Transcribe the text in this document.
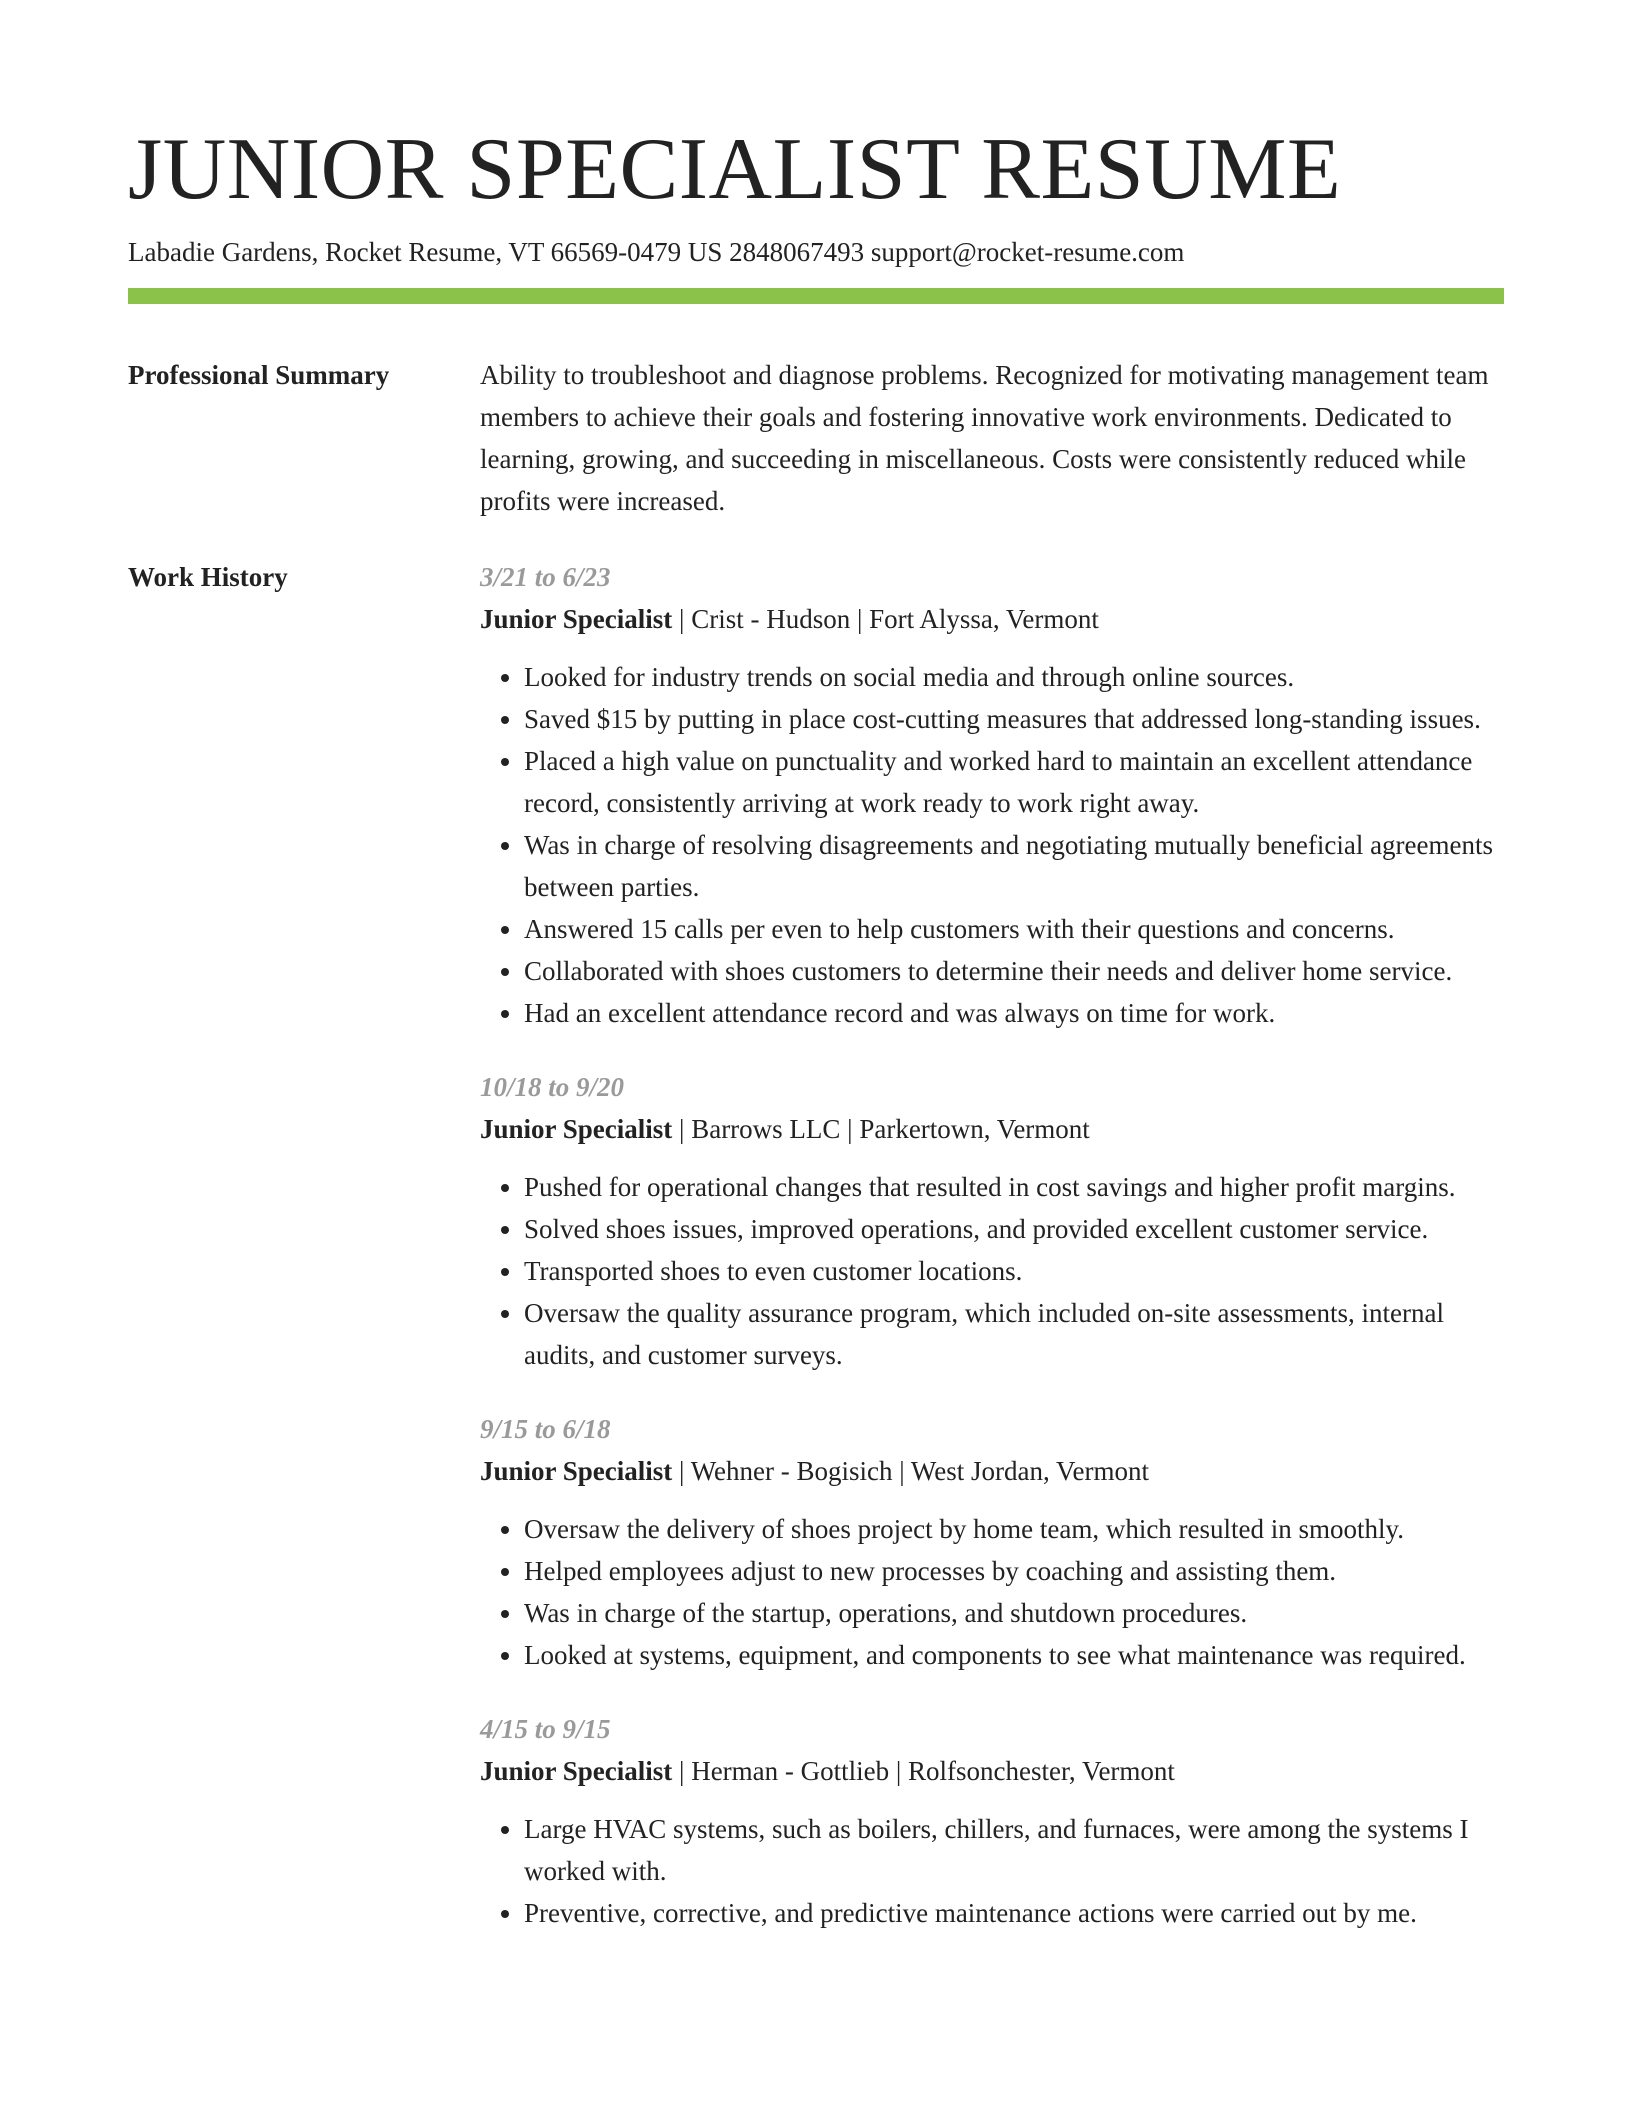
JUNIOR SPECIALIST RESUME
Labadie Gardens, Rocket Resume, VT 66569-0479 US 2848067493 support@rocket-resume.com
Professional Summary	Ability to troubleshoot and diagnose problems. Recognized for motivating management team members to achieve their goals and fostering innovative work environments. Dedicated to learning, growing, and succeeding in miscellaneous. Costs were consistently reduced while profits were increased.

Work History	3/21 to 6/23
Junior Specialist | Crist - Hudson | Fort Alyssa, Vermont
• Looked for industry trends on social media and through online sources.
• Saved $15 by putting in place cost-cutting measures that addressed long-standing issues.
• Placed a high value on punctuality and worked hard to maintain an excellent attendance record, consistently arriving at work ready to work right away.
• Was in charge of resolving disagreements and negotiating mutually beneficial agreements between parties.
• Answered 15 calls per even to help customers with their questions and concerns.
• Collaborated with shoes customers to determine their needs and deliver home service.
• Had an excellent attendance record and was always on time for work.
10/18 to 9/20
Junior Specialist | Barrows LLC | Parkertown, Vermont
• Pushed for operational changes that resulted in cost savings and higher profit margins.
• Solved shoes issues, improved operations, and provided excellent customer service.
• Transported shoes to even customer locations.
• Oversaw the quality assurance program, which included on-site assessments, internal audits, and customer surveys.
9/15 to 6/18
Junior Specialist | Wehner - Bogisich | West Jordan, Vermont
• Oversaw the delivery of shoes project by home team, which resulted in smoothly.
• Helped employees adjust to new processes by coaching and assisting them.
• Was in charge of the startup, operations, and shutdown procedures.
• Looked at systems, equipment, and components to see what maintenance was required.
4/15 to 9/15
Junior Specialist | Herman - Gottlieb | Rolfsonchester, Vermont
• Large HVAC systems, such as boilers, chillers, and furnaces, were among the systems I worked with.
• Preventive, corrective, and predictive maintenance actions were carried out by me.
